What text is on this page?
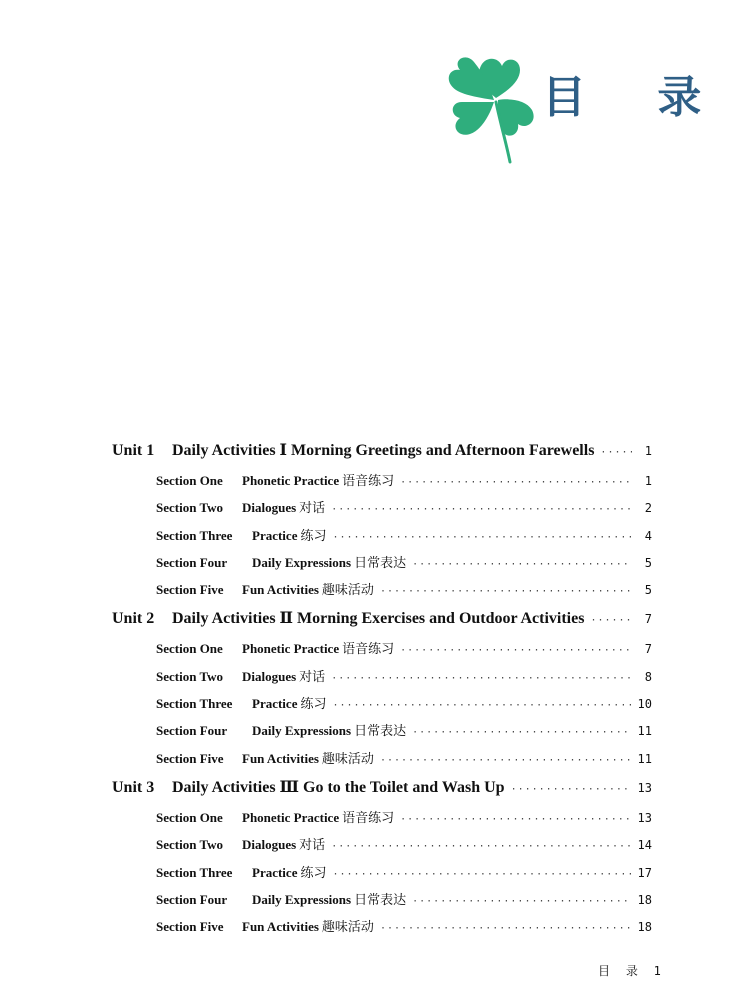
目 录
Unit 1	Daily Activities Ⅰ Morning Greetings and Afternoon Farewells ·····	1
Section One	Phonetic Practice 语音练习 ·····	1
Section Two	Dialogues 对话 ·····	2
Section Three	Practice 练习 ·····	4
Section Four	Daily Expressions 日常表达 ·····	5
Section Five	Fun Activities 趣味活动 ·····	5
Unit 2	Daily Activities Ⅱ Morning Exercises and Outdoor Activities ·····	7
Section One	Phonetic Practice 语音练习 ·····	7
Section Two	Dialogues 对话 ·····	8
Section Three	Practice 练习 ·····	10
Section Four	Daily Expressions 日常表达 ·····	11
Section Five	Fun Activities 趣味活动 ·····	11
Unit 3	Daily Activities Ⅲ Go to the Toilet and Wash Up ·····	13
Section One	Phonetic Practice 语音练习 ·····	13
Section Two	Dialogues 对话 ·····	14
Section Three	Practice 练习 ·····	17
Section Four	Daily Expressions 日常表达 ·····	18
Section Five	Fun Activities 趣味活动 ·····	18
目 录 1
